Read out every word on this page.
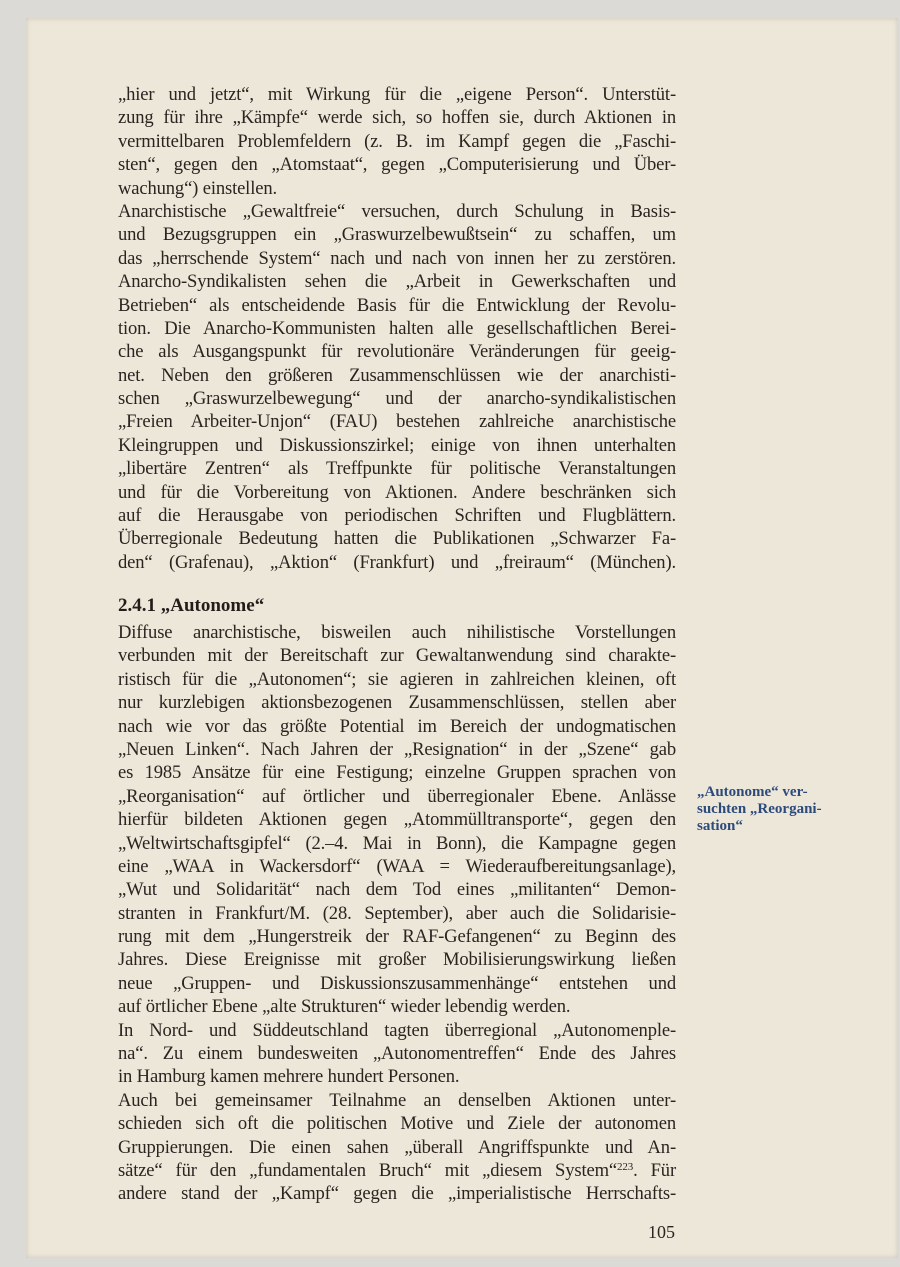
„hier und jetzt“, mit Wirkung für die „eigene Person“. Unterstüt-
zung für ihre „Kämpfe“ werde sich, so hoffen sie, durch Aktionen in
vermittelbaren Problemfeldern (z. B. im Kampf gegen die „Faschi-
sten“, gegen den „Atomstaat“, gegen „Computerisierung und Über-
wachung“) einstellen.
Anarchistische „Gewaltfreie“ versuchen, durch Schulung in Basis-
und Bezugsgruppen ein „Graswurzelbewußtsein“ zu schaffen, um
das „herrschende System“ nach und nach von innen her zu zerstören.
Anarcho-Syndikalisten sehen die „Arbeit in Gewerkschaften und
Betrieben“ als entscheidende Basis für die Entwicklung der Revolu-
tion. Die Anarcho-Kommunisten halten alle gesellschaftlichen Berei-
che als Ausgangspunkt für revolutionäre Veränderungen für geeig-
net. Neben den größeren Zusammenschlüssen wie der anarchisti-
schen „Graswurzelbewegung“ und der anarcho-syndikalistischen
„Freien Arbeiter-Unjon“ (FAU) bestehen zahlreiche anarchistische
Kleingruppen und Diskussionszirkel; einige von ihnen unterhalten
„libertäre Zentren“ als Treffpunkte für politische Veranstaltungen
und für die Vorbereitung von Aktionen. Andere beschränken sich
auf die Herausgabe von periodischen Schriften und Flugblättern.
Überregionale Bedeutung hatten die Publikationen „Schwarzer Fa-
den“ (Grafenau), „Aktion“ (Frankfurt) und „freiraum“ (München).
2.4.1 „Autonome“
Diffuse anarchistische, bisweilen auch nihilistische Vorstellungen
verbunden mit der Bereitschaft zur Gewaltanwendung sind charakte-
ristisch für die „Autonomen“; sie agieren in zahlreichen kleinen, oft
nur kurzlebigen aktionsbezogenen Zusammenschlüssen, stellen aber
nach wie vor das größte Potential im Bereich der undogmatischen
„Neuen Linken“. Nach Jahren der „Resignation“ in der „Szene“ gab
es 1985 Ansätze für eine Festigung; einzelne Gruppen sprachen von
„Reorganisation“ auf örtlicher und überregionaler Ebene. Anlässe
hierfür bildeten Aktionen gegen „Atommülltransporte“, gegen den
„Weltwirtschaftsgipfel“ (2.–4. Mai in Bonn), die Kampagne gegen
eine „WAA in Wackersdorf“ (WAA = Wiederaufbereitungsanlage),
„Wut und Solidarität“ nach dem Tod eines „militanten“ Demon-
stranten in Frankfurt/M. (28. September), aber auch die Solidarisie-
rung mit dem „Hungerstreik der RAF-Gefangenen“ zu Beginn des
Jahres. Diese Ereignisse mit großer Mobilisierungswirkung ließen
neue „Gruppen- und Diskussionszusammenhänge“ entstehen und
auf örtlicher Ebene „alte Strukturen“ wieder lebendig werden.
In Nord- und Süddeutschland tagten überregional „Autonomenple-
na“. Zu einem bundesweiten „Autonomentreffen“ Ende des Jahres
in Hamburg kamen mehrere hundert Personen.
Auch bei gemeinsamer Teilnahme an denselben Aktionen unter-
schieden sich oft die politischen Motive und Ziele der autonomen
Gruppierungen. Die einen sahen „überall Angriffspunkte und An-
sätze“ für den „fundamentalen Bruch“ mit „diesem System“$^{223}$. Für
andere stand der „Kampf“ gegen die „imperialistische Herrschafts-
„Autonome“ ver-
suchten „Reorgani-
sation“
105
